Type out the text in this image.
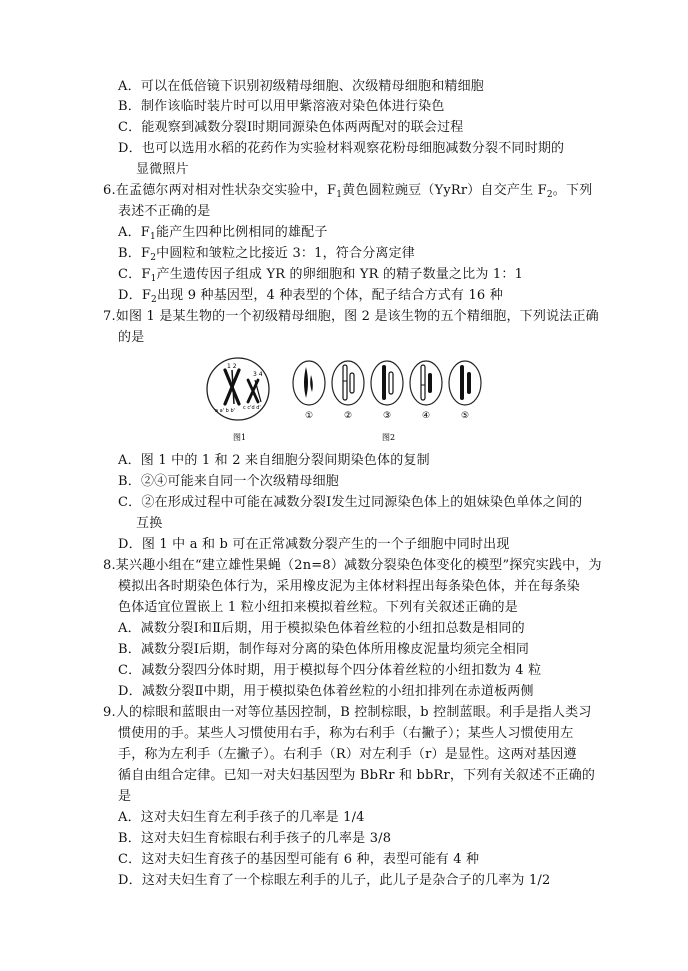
A．可以在低倍镜下识别初级精母细胞、次级精母细胞和精细胞
B．制作该临时装片时可以用甲紫溶液对染色体进行染色
C．能观察到减数分裂Ⅰ时期同源染色体两两配对的联会过程
D．也可以选用水稻的花药作为实验材料观察花粉母细胞减数分裂不同时期的
显微照片
6.在孟德尔两对相对性状杂交实验中，$F_1$黄色圆粒豌豆（YyRr）自交产生 $F_2$。下列
表述不正确的是
A．$F_1$能产生四种比例相同的雄配子
B．$F_2$中圆粒和皱粒之比接近 3：1，符合分离定律
C．$F_1$产生遗传因子组成 YR 的卵细胞和 YR 的精子数量之比为 1：1
D．$F_2$出现 9 种基因型，4 种表型的个体，配子结合方式有 16 种
7.如图 1 是某生物的一个初级精母细胞，图 2 是该生物的五个精细胞，下列说法正确
的是
1 2
3 4
a a' b b' c c'd d'
图1
①	②	③	④	⑤
图2
A．图 1 中的 1 和 2 来自细胞分裂间期染色体的复制
B．②④可能来自同一个次级精母细胞
C．②在形成过程中可能在减数分裂Ⅰ发生过同源染色体上的姐妹染色单体之间的
互换
D．图 1 中 a 和 b 可在正常减数分裂产生的一个子细胞中同时出现
8.某兴趣小组在“建立雄性果蝇（2n=8）减数分裂染色体变化的模型”探究实践中，为
模拟出各时期染色体行为，采用橡皮泥为主体材料捏出每条染色体，并在每条染
色体适宜位置嵌上 1 粒小纽扣来模拟着丝粒。下列有关叙述正确的是
A．减数分裂Ⅰ和Ⅱ后期，用于模拟染色体着丝粒的小纽扣总数是相同的
B．减数分裂Ⅰ后期，制作每对分离的染色体所用橡皮泥量均须完全相同
C．减数分裂四分体时期，用于模拟每个四分体着丝粒的小纽扣数为 4 粒
D．减数分裂Ⅱ中期，用于模拟染色体着丝粒的小纽扣排列在赤道板两侧
9.人的棕眼和蓝眼由一对等位基因控制，B 控制棕眼，b 控制蓝眼。利手是指人类习
惯使用的手。某些人习惯使用右手，称为右利手（右撇子）；某些人习惯使用左
手，称为左利手（左撇子）。右利手（R）对左利手（r）是显性。这两对基因遵
循自由组合定律。已知一对夫妇基因型为 BbRr 和 bbRr，下列有关叙述不正确的
是
A．这对夫妇生育左利手孩子的几率是 1/4
B．这对夫妇生育棕眼右利手孩子的几率是 3/8
C．这对夫妇生育孩子的基因型可能有 6 种，表型可能有 4 种
D．这对夫妇生育了一个棕眼左利手的儿子，此儿子是杂合子的几率为 1/2
